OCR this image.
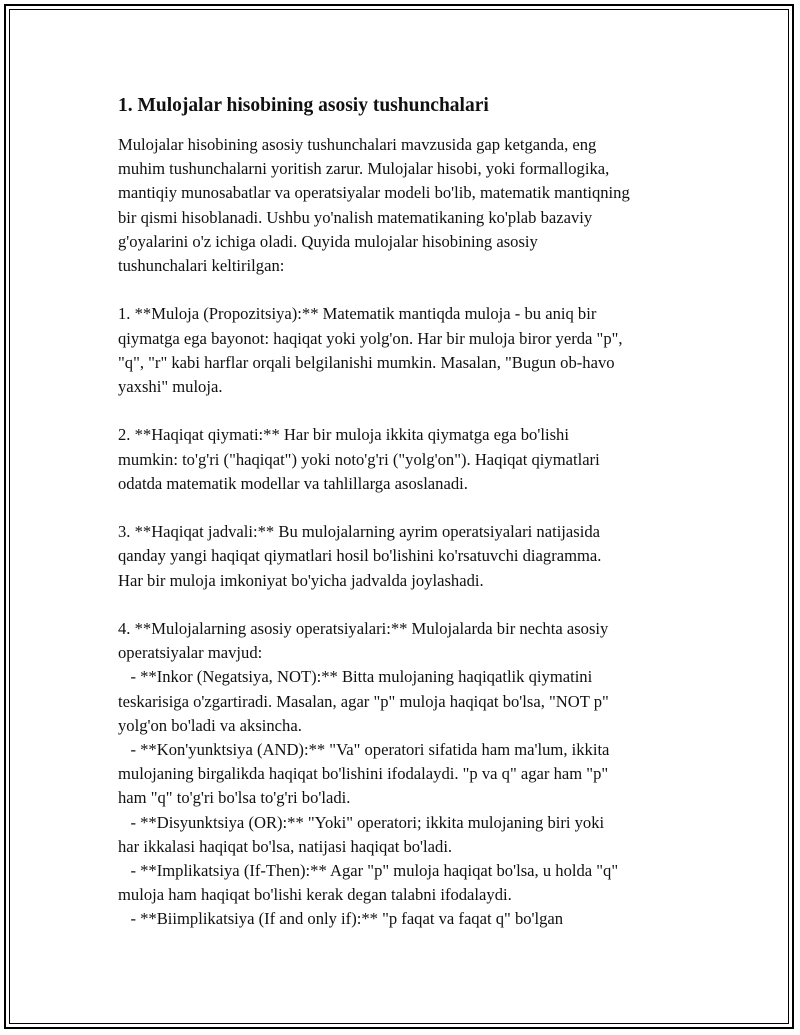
1. Mulojalar hisobining asosiy tushunchalari

Mulojalar hisobining asosiy tushunchalari mavzusida gap ketganda, eng
muhim tushunchalarni yoritish zarur. Mulojalar hisobi, yoki formallogika,
mantiqiy munosabatlar va operatsiyalar modeli bo'lib, matematik mantiqning
bir qismi hisoblanadi. Ushbu yo'nalish matematikaning ko'plab bazaviy
g'oyalarini o'z ichiga oladi. Quyida mulojalar hisobining asosiy
tushunchalari keltirilgan:

1. **Muloja (Propozitsiya):** Matematik mantiqda muloja - bu aniq bir
qiymatga ega bayonot: haqiqat yoki yolg'on. Har bir muloja biror yerda "p",
"q", "r" kabi harflar orqali belgilanishi mumkin. Masalan, "Bugun ob-havo
yaxshi" muloja.

2. **Haqiqat qiymati:** Har bir muloja ikkita qiymatga ega bo'lishi
mumkin: to'g'ri ("haqiqat") yoki noto'g'ri ("yolg'on"). Haqiqat qiymatlari
odatda matematik modellar va tahlillarga asoslanadi.

3. **Haqiqat jadvali:** Bu mulojalarning ayrim operatsiyalari natijasida
qanday yangi haqiqat qiymatlari hosil bo'lishini ko'rsatuvchi diagramma.
Har bir muloja imkoniyat bo'yicha jadvalda joylashadi.

4. **Mulojalarning asosiy operatsiyalari:** Mulojalarda bir nechta asosiy
operatsiyalar mavjud:
- **Inkor (Negatsiya, NOT):** Bitta mulojaning haqiqatlik qiymatini
teskarisiga o'zgartiradi. Masalan, agar "p" muloja haqiqat bo'lsa, "NOT p"
yolg'on bo'ladi va aksincha.
- **Kon'yunktsiya (AND):** "Va" operatori sifatida ham ma'lum, ikkita
mulojaning birgalikda haqiqat bo'lishini ifodalaydi. "p va q" agar ham "p"
ham "q" to'g'ri bo'lsa to'g'ri bo'ladi.
- **Disyunktsiya (OR):** "Yoki" operatori; ikkita mulojaning biri yoki
har ikkalasi haqiqat bo'lsa, natijasi haqiqat bo'ladi.
- **Implikatsiya (If-Then):** Agar "p" muloja haqiqat bo'lsa, u holda "q"
muloja ham haqiqat bo'lishi kerak degan talabni ifodalaydi.
- **Biimplikatsiya (If and only if):** "p faqat va faqat q" bo'lgan
